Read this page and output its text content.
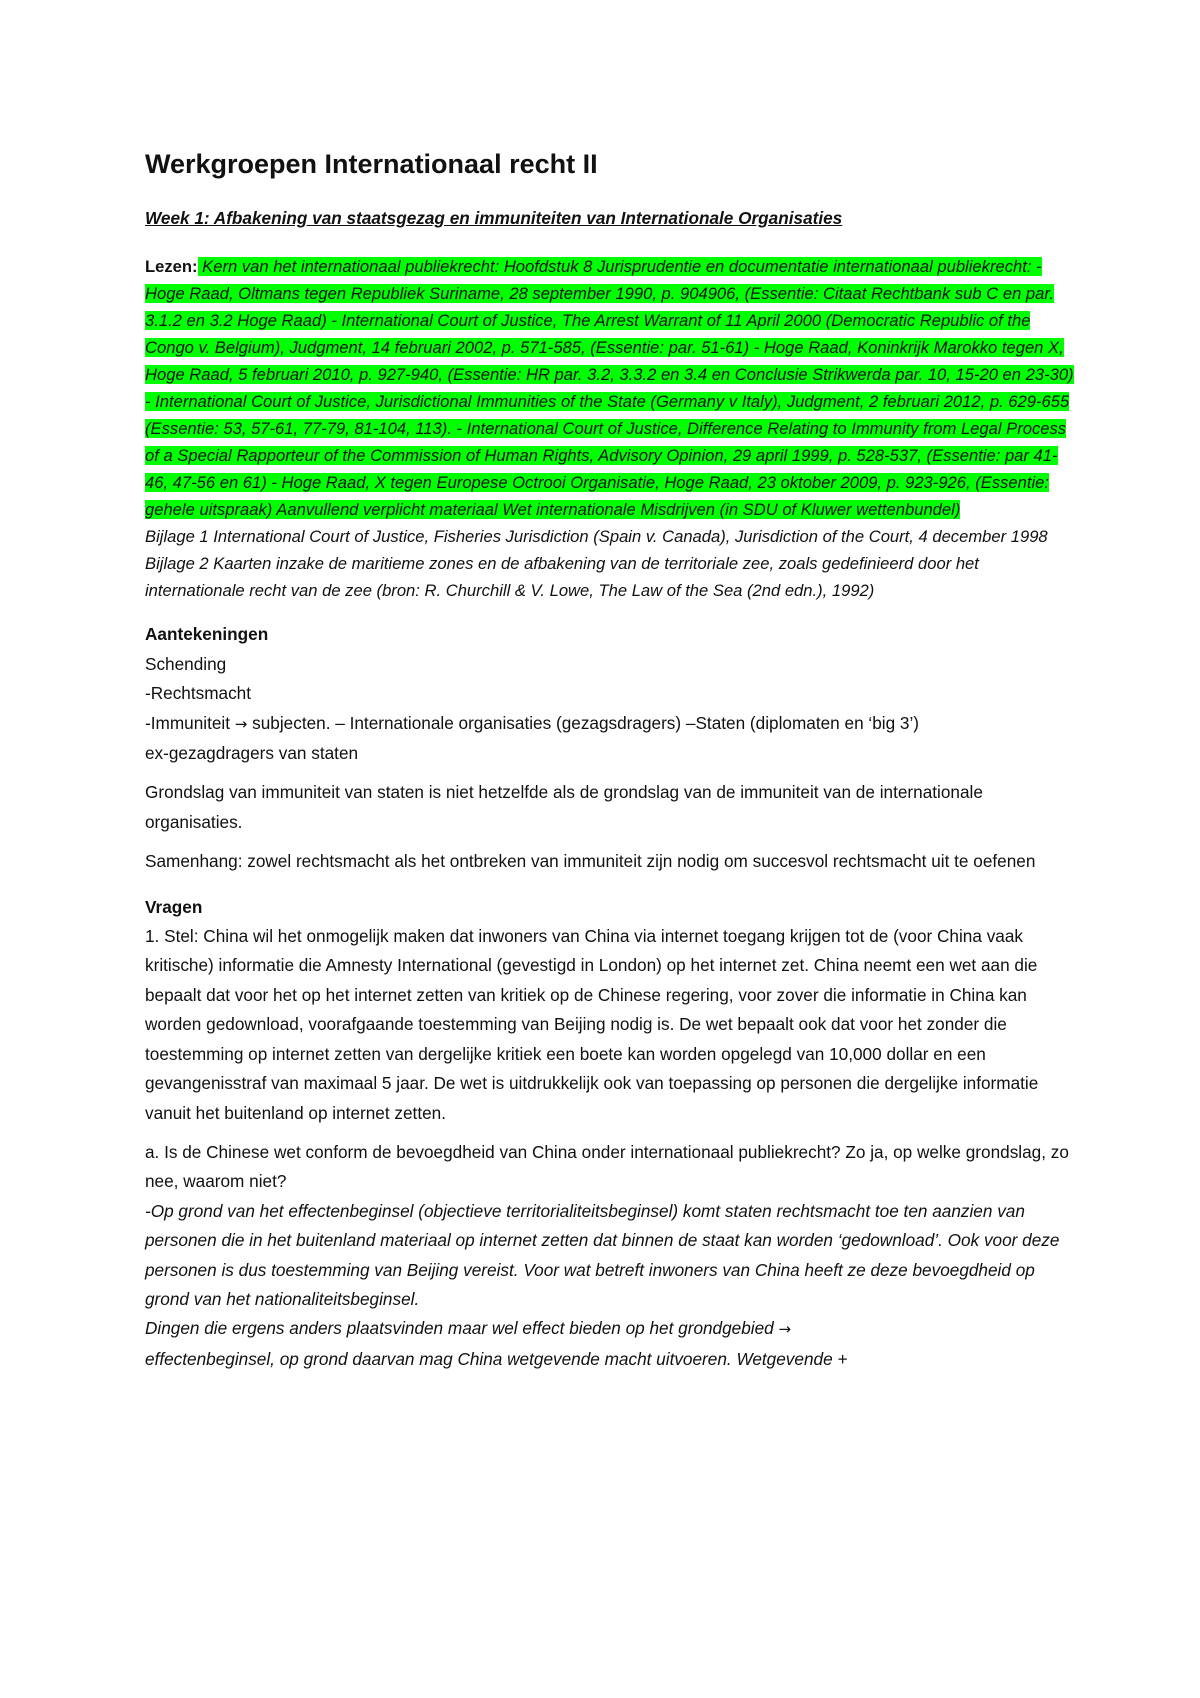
Werkgroepen Internationaal recht II

Week 1: Afbakening van staatsgezag en immuniteiten van Internationale Organisaties

Lezen: Kern van het internationaal publiekrecht: Hoofdstuk 8 Jurisprudentie en documentatie internationaal publiekrecht: - Hoge Raad, Oltmans tegen Republiek Suriname, 28 september 1990, p. 904906, (Essentie: Citaat Rechtbank sub C en par. 3.1.2 en 3.2 Hoge Raad) - International Court of Justice, The Arrest Warrant of 11 April 2000 (Democratic Republic of the Congo v. Belgium), Judgment, 14 februari 2002, p. 571-585, (Essentie: par. 51-61) - Hoge Raad, Koninkrijk Marokko tegen X, Hoge Raad, 5 februari 2010, p. 927-940, (Essentie: HR par. 3.2, 3.3.2 en 3.4 en Conclusie Strikwerda par. 10, 15-20 en 23-30) - International Court of Justice, Jurisdictional Immunities of the State (Germany v Italy), Judgment, 2 februari 2012, p. 629-655 (Essentie: 53, 57-61, 77-79, 81-104, 113). - International Court of Justice, Difference Relating to Immunity from Legal Process of a Special Rapporteur of the Commission of Human Rights, Advisory Opinion, 29 april 1999, p. 528-537, (Essentie: par 41-46, 47-56 en 61) - Hoge Raad, X tegen Europese Octrooi Organisatie, Hoge Raad, 23 oktober 2009, p. 923-926, (Essentie: gehele uitspraak) Aanvullend verplicht materiaal Wet internationale Misdrijven (in SDU of Kluwer wettenbundel)
Bijlage 1 International Court of Justice, Fisheries Jurisdiction (Spain v. Canada), Jurisdiction of the Court, 4 december 1998 Bijlage 2 Kaarten inzake de maritieme zones en de afbakening van de territoriale zee, zoals gedefinieerd door het internationale recht van de zee (bron: R. Churchill & V. Lowe, The Law of the Sea (2nd edn.), 1992)

Aantekeningen

Schending

-Rechtsmacht

-Immuniteit → subjecten. – Internationale organisaties (gezagsdragers) –Staten (diplomaten en ‘big 3’)

ex-gezagdragers van staten

Grondslag van immuniteit van staten is niet hetzelfde als de grondslag van de immuniteit van de internationale organisaties.

Samenhang: zowel rechtsmacht als het ontbreken van immuniteit zijn nodig om succesvol rechtsmacht uit te oefenen

Vragen

1. Stel: China wil het onmogelijk maken dat inwoners van China via internet toegang krijgen tot de (voor China vaak kritische) informatie die Amnesty International (gevestigd in London) op het internet zet. China neemt een wet aan die bepaalt dat voor het op het internet zetten van kritiek op de Chinese regering, voor zover die informatie in China kan worden gedownload, voorafgaande toestemming van Beijing nodig is. De wet bepaalt ook dat voor het zonder die toestemming op internet zetten van dergelijke kritiek een boete kan worden opgelegd van 10,000 dollar en een gevangenisstraf van maximaal 5 jaar. De wet is uitdrukkelijk ook van toepassing op personen die dergelijke informatie vanuit het buitenland op internet zetten.

a. Is de Chinese wet conform de bevoegdheid van China onder internationaal publiekrecht? Zo ja, op welke grondslag, zo nee, waarom niet?

-Op grond van het effectenbeginsel (objectieve territorialiteitsbeginsel) komt staten rechtsmacht toe ten aanzien van personen die in het buitenland materiaal op internet zetten dat binnen de staat kan worden ‘gedownload’. Ook voor deze personen is dus toestemming van Beijing vereist. Voor wat betreft inwoners van China heeft ze deze bevoegdheid op grond van het nationaliteitsbeginsel.

Dingen die ergens anders plaatsvinden maar wel effect bieden op het grondgebied →
effectenbeginsel, op grond daarvan mag China wetgevende macht uitvoeren. Wetgevende +
